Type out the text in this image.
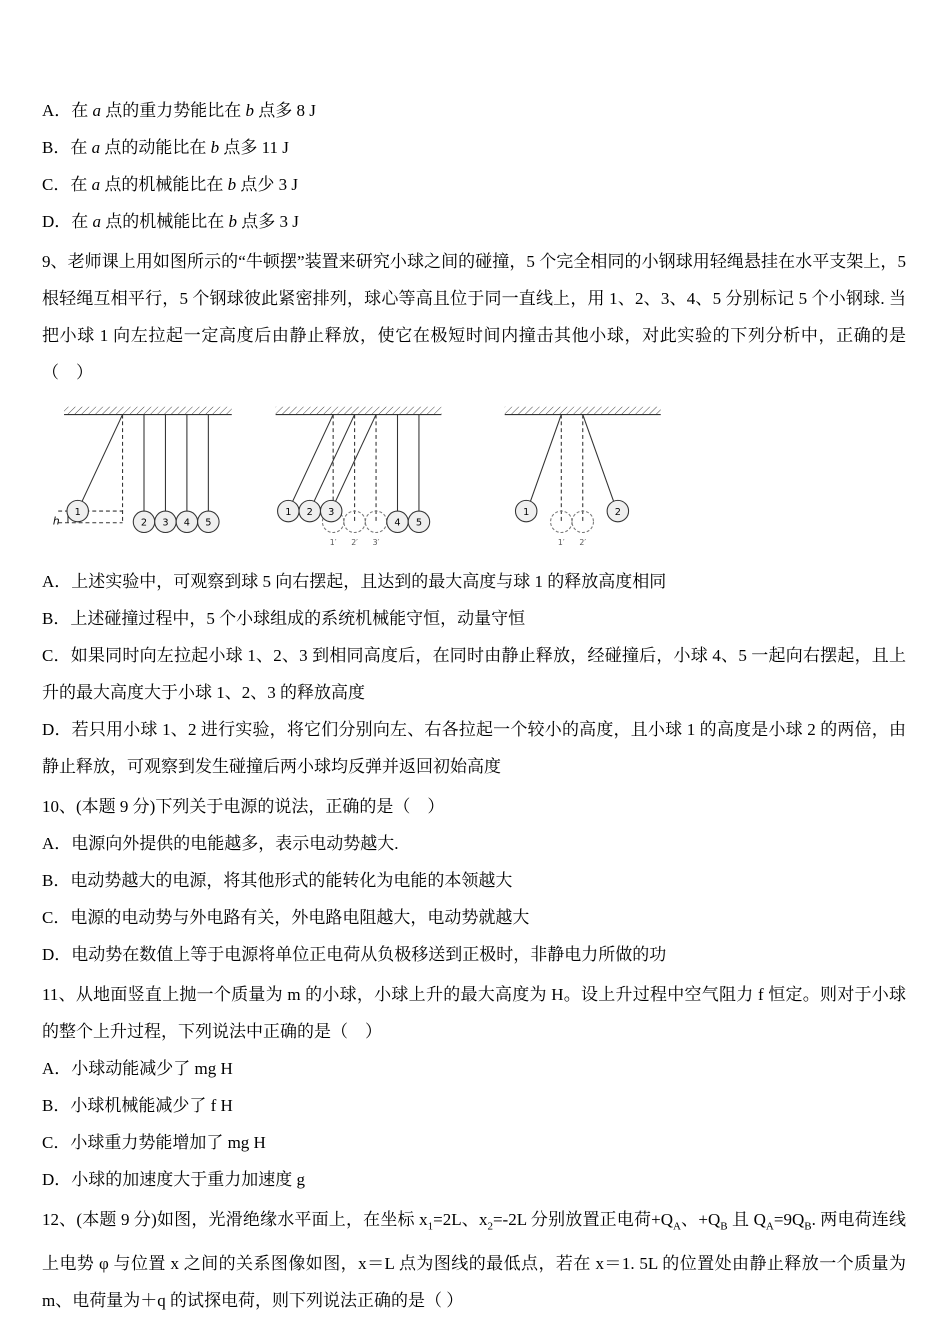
A．在 a 点的重力势能比在 b 点多 8 J

B．在 a 点的动能比在 b 点多 11 J

C．在 a 点的机械能比在 b 点少 3 J

D．在 a 点的机械能比在 b 点多 3 J

9、老师课上用如图所示的“牛顿摆”装置来研究小球之间的碰撞，5 个完全相同的小钢球用轻绳悬挂在水平支架上，5 根轻绳互相平行，5 个钢球彼此紧密排列，球心等高且位于同一直线上，用 1、2、3、4、5 分别标记 5 个小钢球. 当把小球 1 向左拉起一定高度后由静止释放，使它在极短时间内撞击其他小球，对此实验的下列分析中，正确的是（　）

1
2 3 4 5
h
1 2 3
4 5
1′ 2′ 3′
1	2
1′ 2′

A．上述实验中，可观察到球 5 向右摆起，且达到的最大高度与球 1 的释放高度相同

B．上述碰撞过程中，5 个小球组成的系统机械能守恒，动量守恒

C．如果同时向左拉起小球 1、2、3 到相同高度后，在同时由静止释放，经碰撞后，小球 4、5 一起向右摆起，且上升的最大高度大于小球 1、2、3 的释放高度

D．若只用小球 1、2 进行实验，将它们分别向左、右各拉起一个较小的高度，且小球 1 的高度是小球 2 的两倍，由静止释放，可观察到发生碰撞后两小球均反弹并返回初始高度

10、(本题 9 分)下列关于电源的说法，正确的是（　）

A．电源向外提供的电能越多，表示电动势越大.

B．电动势越大的电源，将其他形式的能转化为电能的本领越大

C．电源的电动势与外电路有关，外电路电阻越大，电动势就越大

D．电动势在数值上等于电源将单位正电荷从负极移送到正极时，非静电力所做的功

11、从地面竖直上抛一个质量为 m 的小球，小球上升的最大高度为 H。设上升过程中空气阻力 f 恒定。则对于小球的整个上升过程，下列说法中正确的是（　）

A．小球动能减少了 mg H

B．小球机械能减少了 f H

C．小球重力势能增加了 mg H

D．小球的加速度大于重力加速度 g

12、(本题 9 分)如图，光滑绝缘水平面上，在坐标 $x_1=2L$、$x_2=-2L$ 分别放置正电荷$+Q_A$、$+Q_B$ 且 $Q_A=9Q_B$. 两电荷连线上电势 φ 与位置 x 之间的关系图像如图，x＝L 点为图线的最低点，若在 x＝1. 5L 的位置处由静止释放一个质量为 m、电荷量为＋q 的试探电荷，则下列说法正确的是（ ）
